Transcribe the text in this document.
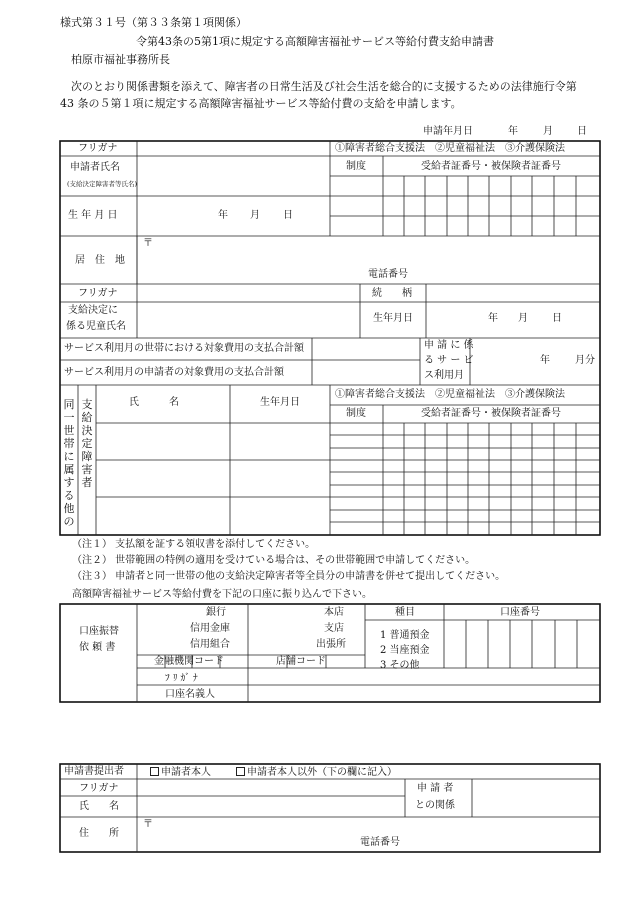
様式第３１号（第３３条第１項関係）
令第43条の5第1項に規定する高額障害福祉サービス等給付費支給申請書
柏原市福祉事務所長
次のとおり関係書類を添えて、障害者の日常生活及び社会生活を総合的に支援するための法律施行令第
43 条の５第１項に規定する高額障害福祉サービス等給付費の支給を申請します。
申請年月日	年	月 日
フリガナ	①障害者総合支援法　②児童福祉法　③介護保険法
申請者氏名
(支給決定障害者等氏名)
制度	受給者証番号・被保険者証番号
生 年 月 日	年 月 日
〒
居　住　地
電話番号
フリガナ	続　　柄
支給決定に
係る児童氏名
生年月日	年 月 日
サービス利用月の世帯における対象費用の支払合計額
サービス利用月の申請者の対象費用の支払合計額
申 請 に 係
る サ ー ビ
ス利用月
年	月分
同一世帯に属する他の
支給決定障害者
氏　　　名	生年月日
①障害者総合支援法　②児童福祉法　③介護保険法
制度	受給者証番号・被保険者証番号
（注１） 支払額を証する領収書を添付してください。
（注２） 世帯範囲の特例の適用を受けている場合は、その世帯範囲で申請してください。
（注３） 申請者と同一世帯の他の支給決定障害者等全員分の申請書を併せて提出してください。
高額障害福祉サービス等給付費を下記の口座に振り込んで下さい。
口座振替
依 頼 書
銀行
信用金庫
信用組合
本店
支店
出張所
種目	口座番号
1 普通預金
2 当座預金
3 その他
金融機関コード	店舗コード
ﾌ ﾘ ｶﾞ ﾅ
口座名義人
申請書提出者	申請者本人	申請者本人以外（下の欄に記入）
フリガナ
氏　　名
申 請 者
との関係
住　　所
〒
電話番号
